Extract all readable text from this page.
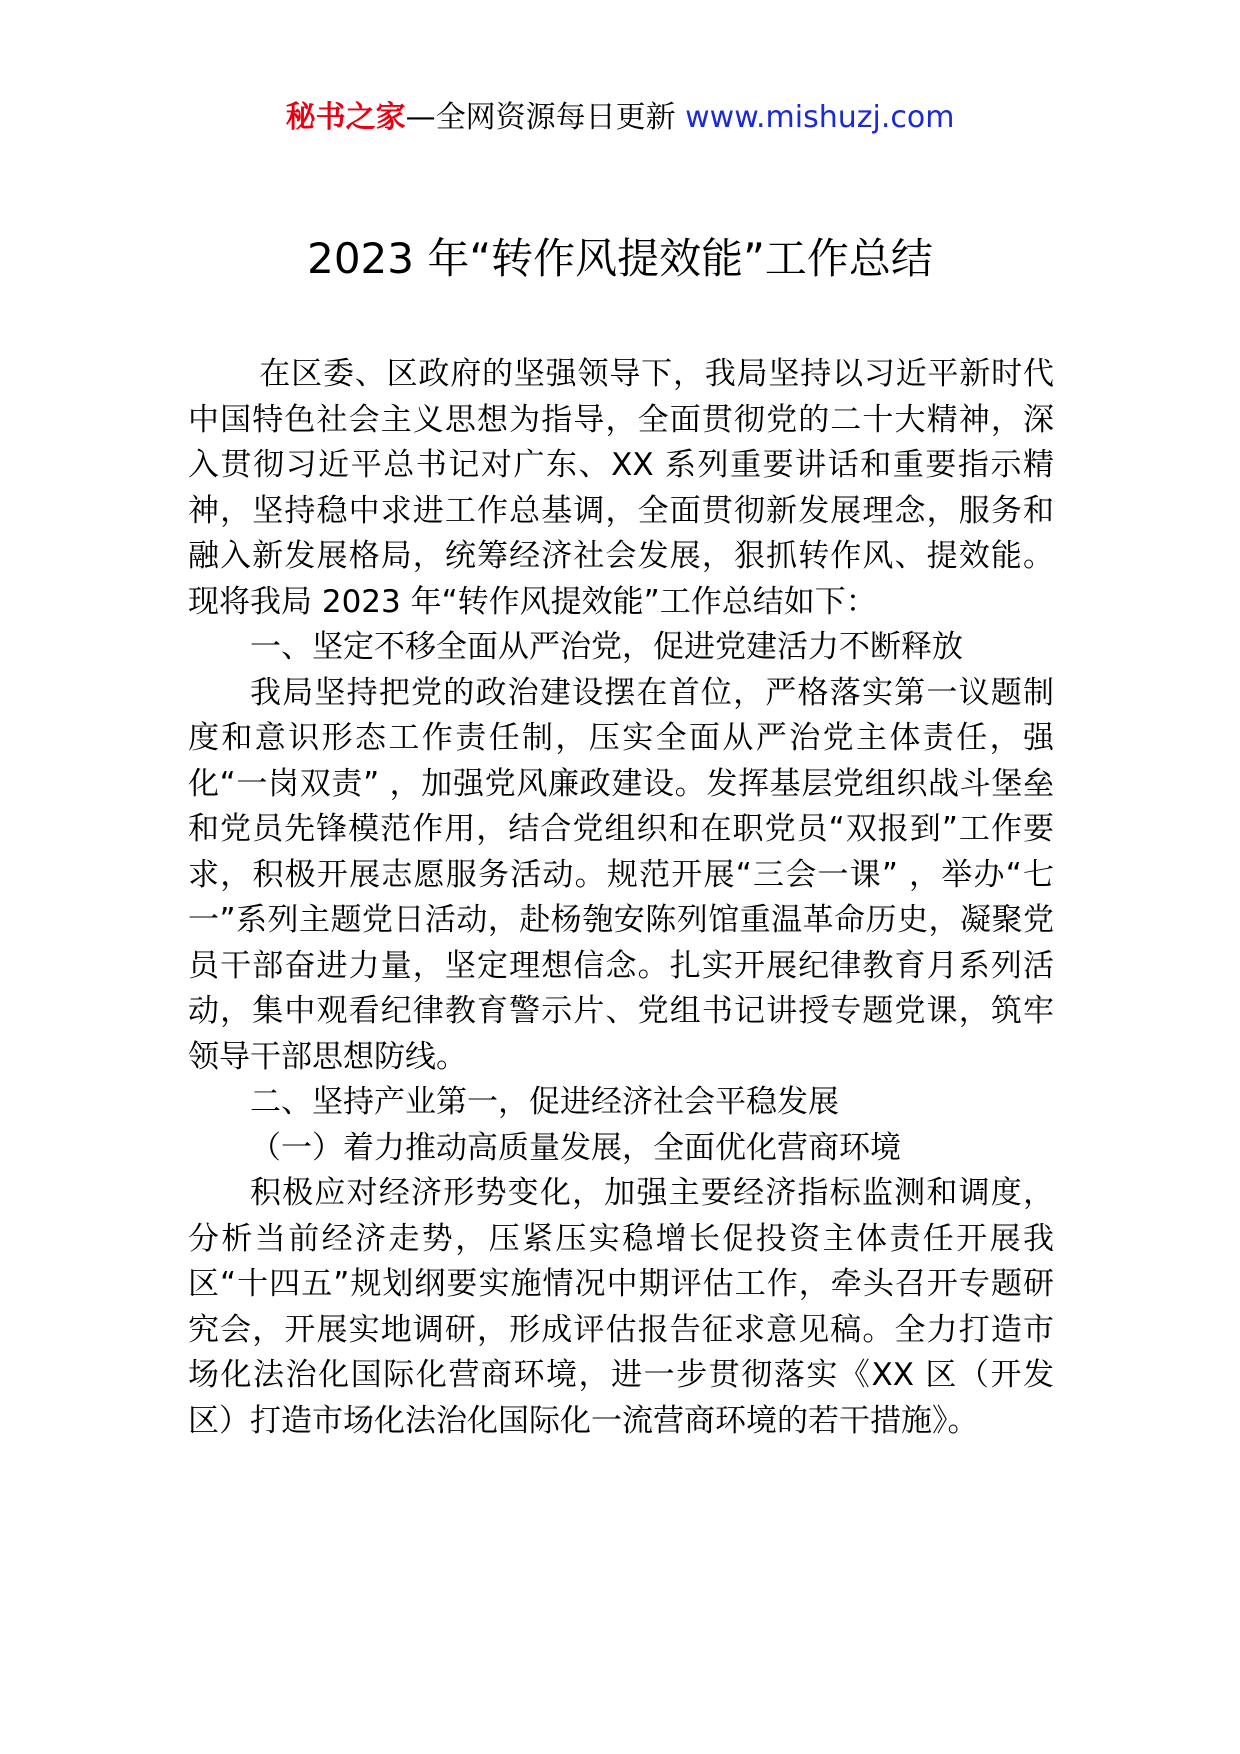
秘书之家—全网资源每日更新 www.mishuzj.com
2023 年“转作风提效能”工作总结

在区委、区政府的坚强领导下，我局坚持以习近平新时代中国特色社会主义思想为指导，全面贯彻党的二十大精神，深入贯彻习近平总书记对广东、XX 系列重要讲话和重要指示精神，坚持稳中求进工作总基调，全面贯彻新发展理念，服务和融入新发展格局，统筹经济社会发展，狠抓转作风、提效能。现将我局 2023 年“转作风提效能”工作总结如下：

一、坚定不移全面从严治党，促进党建活力不断释放

我局坚持把党的政治建设摆在首位，严格落实第一议题制度和意识形态工作责任制，压实全面从严治党主体责任，强化“一岗双责” ，加强党风廉政建设。发挥基层党组织战斗堡垒和党员先锋模范作用，结合党组织和在职党员“双报到”工作要求，积极开展志愿服务活动。规范开展“三会一课” ，举办“七一”系列主题党日活动，赴杨匏安陈列馆重温革命历史，凝聚党员干部奋进力量，坚定理想信念。扎实开展纪律教育月系列活动，集中观看纪律教育警示片、党组书记讲授专题党课，筑牢领导干部思想防线。

二、坚持产业第一，促进经济社会平稳发展

（一）着力推动高质量发展，全面优化营商环境

积极应对经济形势变化，加强主要经济指标监测和调度，分析当前经济走势，压紧压实稳增长促投资主体责任开展我区“十四五”规划纲要实施情况中期评估工作，牵头召开专题研究会，开展实地调研，形成评估报告征求意见稿。全力打造市场化法治化国际化营商环境，进一步贯彻落实《XX 区（开发区）打造市场化法治化国际化一流营商环境的若干措施》。
